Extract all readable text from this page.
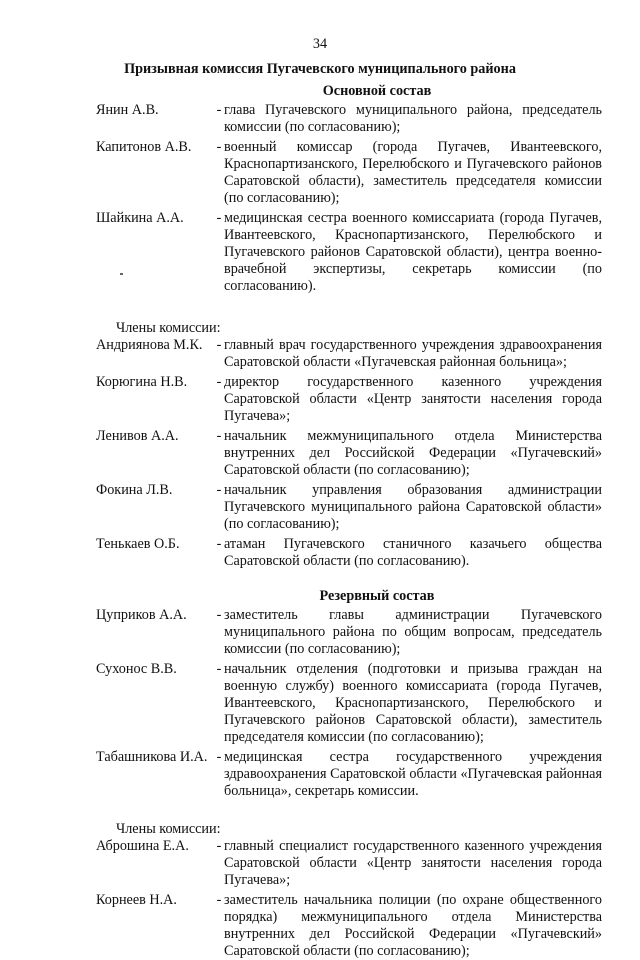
34
Призывная комиссия Пугачевского муниципального района
Основной состав
Янин А.В.	- глава Пугачевского муниципального района, председатель комиссии (по согласованию);
Капитонов А.В.	- военный комиссар (города Пугачев, Ивантеевского, Краснопартизанского, Перелюбского и Пугачевского районов Саратовской области), заместитель председателя комиссии (по согласованию);
Шайкина А.А.	- медицинская сестра военного комиссариата (города Пугачев, Ивантеевского, Краснопартизанского, Перелюбского и Пугачевского районов Саратовской области), центра военно-врачебной экспертизы, секретарь комиссии (по согласованию).
Члены комиссии:
Андриянова М.К. - главный врач государственного учреждения здравоохранения Саратовской области «Пугачевская районная больница»;
Корюгина Н.В.	- директор государственного казенного учреждения Саратовской области «Центр занятости населения города Пугачева»;
Ленивов А.А.	- начальник межмуниципального отдела Министерства внутренних дел Российской Федерации «Пугачевский» Саратовской области (по согласованию);
Фокина Л.В.	- начальник управления образования администрации Пугачевского муниципального района Саратовской области» (по согласованию);
Тенькаев О.Б.	- атаман Пугачевского станичного казачьего общества Саратовской области (по согласованию).
Резервный состав
Цуприков А.А.	- заместитель главы администрации Пугачевского муниципального района по общим вопросам, председатель комиссии (по согласованию);
Сухонос В.В.	- начальник отделения (подготовки и призыва граждан на военную службу) военного комиссариата (города Пугачев, Ивантеевского, Краснопартизанского, Перелюбского и Пугачевского районов Саратовской области), заместитель председателя комиссии (по согласованию);
Табашникова И.А. - медицинская сестра государственного учреждения здравоохранения Саратовской области «Пугачевская районная больница», секретарь комиссии.
Члены комиссии:
Аброшина Е.А.	- главный специалист государственного казенного учреждения Саратовской области «Центр занятости населения города Пугачева»;
Корнеев Н.А.	- заместитель начальника полиции (по охране общественного порядка) межмуниципального отдела Министерства внутренних дел Российской Федерации «Пугачевский» Саратовской области (по согласованию);
